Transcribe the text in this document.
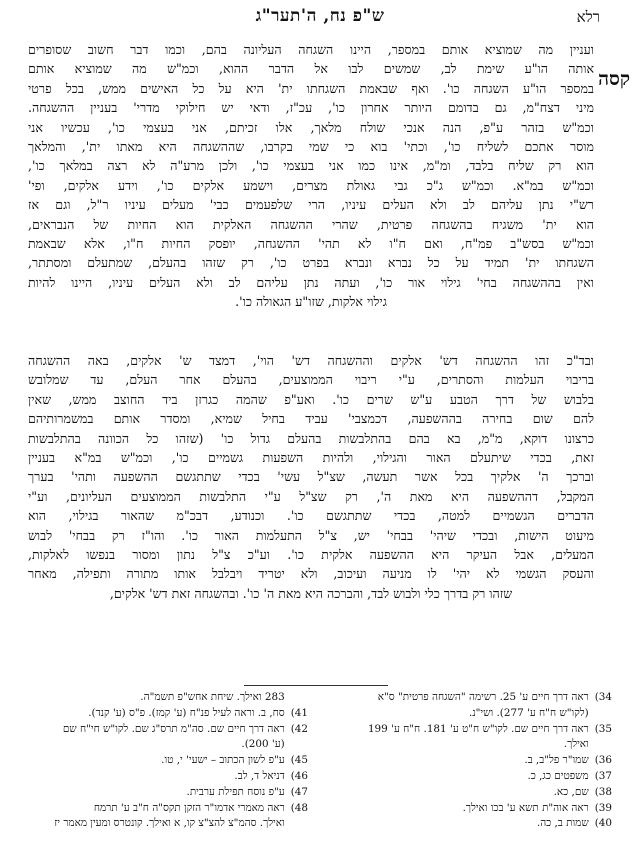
רלא
ש"פ נח, ה'תער"ג
קסה
ועניין מה שמוציא אותם במספר, היינו השגחה העליונה בהם, וכמו דבר חשוב שסופרים
אותה הו"ע שימת לב, שמשים לבו אל הדבר ההוא, וכמ"ש מה שמוציא אותם
במספר הו"ע השגחה כו'. ואף שבאמת השגחתו ית' היא על כל האישים ממש, בכל פרטי
מיני דצח"מ, גם בדומם היותר אחרון כו', עכ"ז, ודאי יש חילוקי מדרי' בעניין ההשגחה.
וכמ"ש בזהר ע"פ, הנה אנכי שולח מלאך, אלו זכיתם, אני בעצמי כו', עכשיו אני
מוסר אתכם לשליח כו', וכתי' בוא כי שמי בקרבו, שההשגחה היא מאתו ית', והמלאך
הוא רק שליח בלבד, ומ"מ, אינו כמו אני בעצמי כו', ולכן מרע"ה לא רצה במלאך כו',
וכמ"ש במ"א. וכמ"ש ג"כ גבי גאולת מצרים, וישמע אלקים כו', וידע אלקים, ופי'
רש"י נתן עליהם לב ולא העלים עיניו, הרי שלפעמים כבי' מעלים עיניו ר"ל, וגם אז
הוא ית' משגיח בהשגחה פרטית, שהרי ההשגחה האלקית הוא החיות של הנבראים,
וכמ"ש בסש"ב פמ"ח, ואם ח"ו לא תהי' ההשגחה, יופסק החיות ח"ו, אלא שבאמת
השגחתו ית' תמיד על כל נברא ונברא בפרט כו', רק שזהו בהעלם, שמתעלם ומסתתר,
ואין בההשגחה בחי' גילוי אור כו', ועתה נתן עליהם לב ולא העלים עיניו, היינו להיות
גילוי אלקות, שזו"ע הגאולה כו'.
ובד"כ זהו ההשגחה דש' אלקים וההשגחה דש' הוי', דמצד ש' אלקים, באה ההשגחה
בריבוי העלמות והסתרים, ע"י ריבוי הממוצעים, בהעלם אחר העלם, עד שמלובש
בלבוש של דרך הטבע ע"ש שרים כו'. ואע"פ שהמה כגרזן ביד החוצב ממש, שאין
להם שום בחירה בההשפעה, דכמצבי' עביד בחיל שמיא, ומסדר אותם במשמרותיהם
כרצונו דוקא, מ"מ, בא בהם בהתלבשות בהעלם גדול כו' (שזהו כל הכוונה בהתלבשות
זאת, בכדי שיתעלם האור והגילוי, ולהיות השפעות גשמיים כו', וכמ"ש במ"א בעניין
וברכך ה' אלקיך בכל אשר תעשה, שצ"ל עשי' בכדי שתתגשם ההשפעה ותהי' בערך
המקבל, דההשפעה היא מאת ה', רק שצ"ל ע"י התלבשות הממוצעים העליונים, וע"י
הדברים הגשמיים למטה, בכדי שתתגשם כו'. וכנודע, דבכ"מ שהאור בגילוי, הוא
מיעוט הישות, ובכדי שיהי' בבחי' יש, צ"ל התעלמות האור כו'. והו"ז רק בבחי' לבוש
המעלים, אבל העיקר היא ההשפעה אלקית כו'. וע"כ צ"ל נתון ומסור בנפשו לאלקות,
והעסק הגשמי לא יהי' לו מניעה ועיכוב, ולא יטריד ויבלבל אותו מתורה ותפילה, מאחר
שזהו רק בדרך כלי ולבוש לבד, והברכה היא מאת ה' כו'. ובהשגחה זאת דש' אלקים,
34) ראה דרך חיים ע' 25. רשימה "השגחה פרטית" ס"א
(לקו"ש ח"ח ע' 277). ושי"נ.
35) ראה דרך חיים שם. לקו"ש ח"ט ע' 181. ח"ח ע' 199
ואילך.
36) שמו"ר פל"ב, ב.
37) משפטים כג, כ.
38) שם, כא.
39) ראה אוה"ת תשא ע' בכו ואילך.
40) שמות ב, כה.
283 ואילך. שיחת אחש"פ תשמ"ה.
41) סח, ב. וראה לעיל פנ"ח (ע' קמז). פ"ס (ע' קנד).
42) ראה דרך חיים שם. סה"מ תרס"ג שם. לקו"ש חי"ח שם
(ע' 200).
45) ע"פ לשון הכתוב – ישעי' י, טו.
46) דניאל ד, לב.
47) ע"פ נוסח תפילת ערבית.
48) ראה מאמרי אדמו"ר הזקן תקס"ה ח"ב ע' תרמח
ואילך. סהמ"צ להצ"צ קו, א ואילך. קונטרס ומעין מאמר יז
